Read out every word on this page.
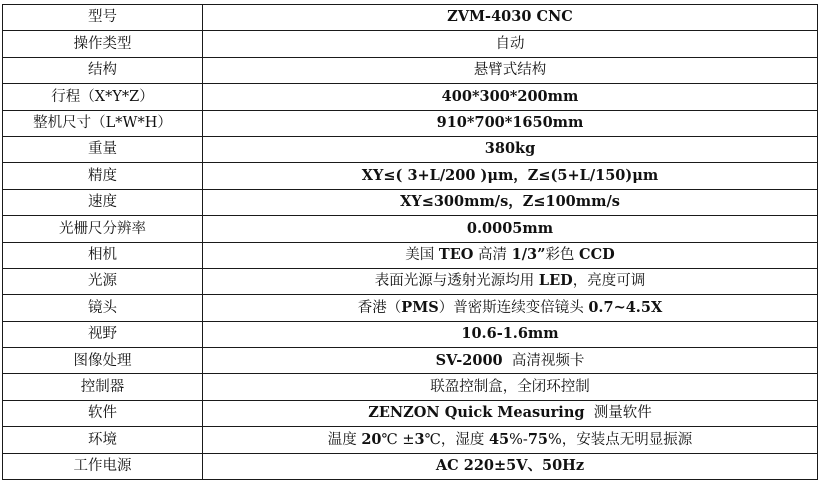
型号	ZVM-4030 CNC
操作类型	自动
结构	悬臂式结构
行程（X*Y*Z）	400*300*200mm
整机尺寸（L*W*H）	910*700*1650mm
重量	380kg
精度	XY≤( 3+L/200 )μm，Z≤(5+L/150)μm
速度	XY≤300mm/s，Z≤100mm/s
光栅尺分辨率	0.0005mm
相机	美国 TEO 高清 1/3”彩色 CCD
光源	表面光源与透射光源均用 LED，亮度可调
镜头	香港（PMS）普密斯连续变倍镜头 0.7~4.5X
视野	10.6-1.6mm
图像处理	SV-2000  高清视频卡
控制器	联盈控制盒，全闭环控制
软件	ZENZON Quick Measuring  测量软件
环境	温度 20℃ ±3℃，湿度 45%-75%，安装点无明显振源
工作电源	AC 220±5V、50Hz
